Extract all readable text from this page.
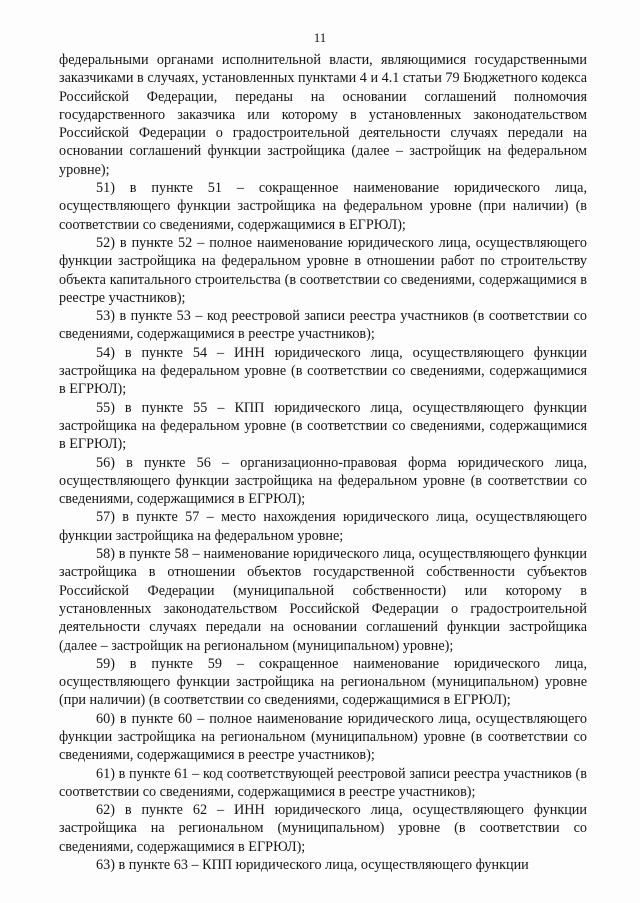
11

федеральными органами исполнительной власти, являющимися государственными заказчиками в случаях, установленных пунктами 4 и 4.1 статьи 79 Бюджетного кодекса Российской Федерации, переданы на основании соглашений полномочия государственного заказчика или которому в установленных законодательством Российской Федерации о градостроительной деятельности случаях передали на основании соглашений функции застройщика (далее – застройщик на федеральном уровне);

51) в пункте 51 – сокращенное наименование юридического лица, осуществляющего функции застройщика на федеральном уровне (при наличии) (в соответствии со сведениями, содержащимися в ЕГРЮЛ);

52) в пункте 52 – полное наименование юридического лица, осуществляющего функции застройщика на федеральном уровне в отношении работ по строительству объекта капитального строительства (в соответствии со сведениями, содержащимися в реестре участников);

53) в пункте 53 – код реестровой записи реестра участников (в соответствии со сведениями, содержащимися в реестре участников);

54) в пункте 54 – ИНН юридического лица, осуществляющего функции застройщика на федеральном уровне (в соответствии со сведениями, содержащимися в ЕГРЮЛ);

55) в пункте 55 – КПП юридического лица, осуществляющего функции застройщика на федеральном уровне (в соответствии со сведениями, содержащимися в ЕГРЮЛ);

56) в пункте 56 – организационно-правовая форма юридического лица, осуществляющего функции застройщика на федеральном уровне (в соответствии со сведениями, содержащимися в ЕГРЮЛ);

57) в пункте 57 – место нахождения юридического лица, осуществляющего функции застройщика на федеральном уровне;

58) в пункте 58 – наименование юридического лица, осуществляющего функции застройщика в отношении объектов государственной собственности субъектов Российской Федерации (муниципальной собственности) или которому в установленных законодательством Российской Федерации о градостроительной деятельности случаях передали на основании соглашений функции застройщика (далее – застройщик на региональном (муниципальном) уровне);

59) в пункте 59 – сокращенное наименование юридического лица, осуществляющего функции застройщика на региональном (муниципальном) уровне (при наличии) (в соответствии со сведениями, содержащимися в ЕГРЮЛ);

60) в пункте 60 – полное наименование юридического лица, осуществляющего функции застройщика на региональном (муниципальном) уровне (в соответствии со сведениями, содержащимися в реестре участников);

61) в пункте 61 – код соответствующей реестровой записи реестра участников (в соответствии со сведениями, содержащимися в реестре участников);

62) в пункте 62 – ИНН юридического лица, осуществляющего функции застройщика на региональном (муниципальном) уровне (в соответствии со сведениями, содержащимися в ЕГРЮЛ);

63) в пункте 63 – КПП юридического лица, осуществляющего функции
